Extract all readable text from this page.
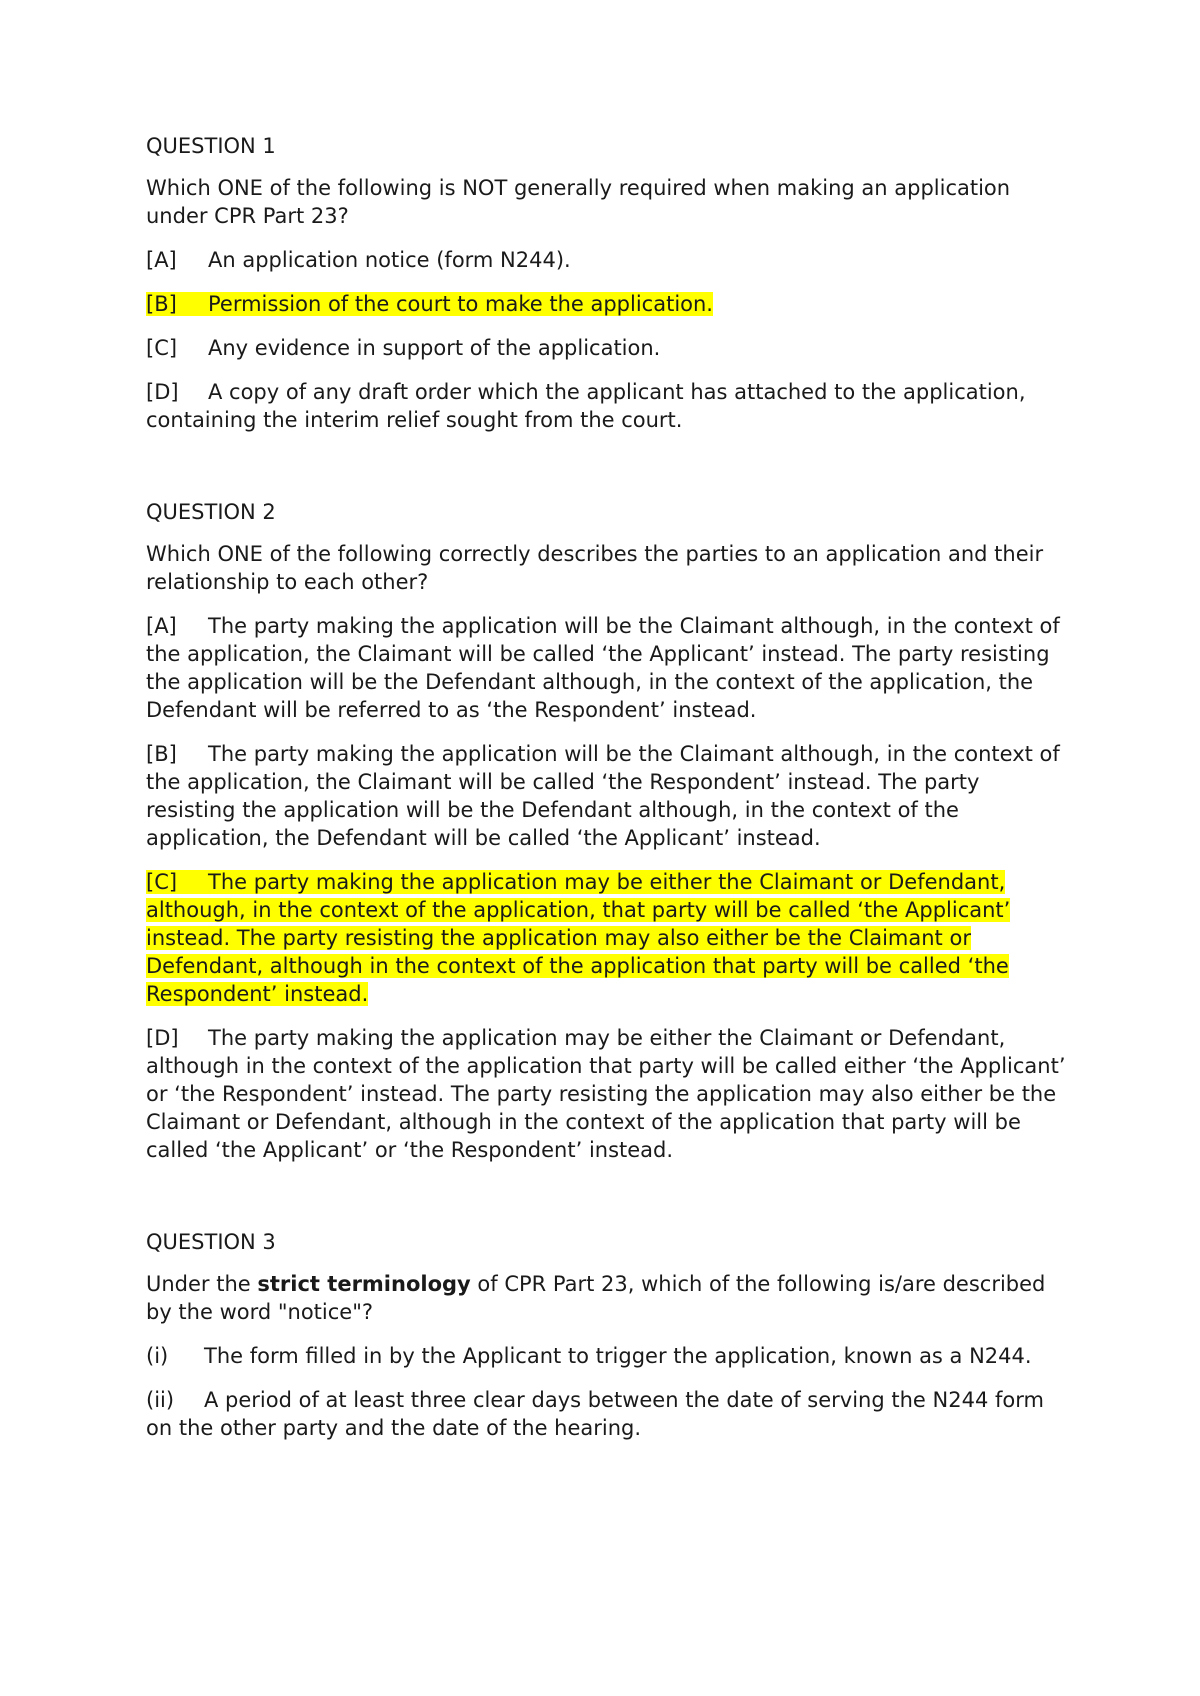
QUESTION 1

Which ONE of the following is NOT generally required when making an application under CPR Part 23?

[A] An application notice (form N244).

[B] Permission of the court to make the application.

[C] Any evidence in support of the application.

[D] A copy of any draft order which the applicant has attached to the application, containing the interim relief sought from the court.

QUESTION 2

Which ONE of the following correctly describes the parties to an application and their relationship to each other?

[A] The party making the application will be the Claimant although, in the context of the application, the Claimant will be called ‘the Applicant’ instead. The party resisting the application will be the Defendant although, in the context of the application, the Defendant will be referred to as ‘the Respondent’ instead.

[B] The party making the application will be the Claimant although, in the context of the application, the Claimant will be called ‘the Respondent’ instead. The party resisting the application will be the Defendant although, in the context of the application, the Defendant will be called ‘the Applicant’ instead.

[C] The party making the application may be either the Claimant or Defendant, although, in the context of the application, that party will be called ‘the Applicant’ instead. The party resisting the application may also either be the Claimant or Defendant, although in the context of the application that party will be called ‘the Respondent’ instead.

[D] The party making the application may be either the Claimant or Defendant, although in the context of the application that party will be called either ‘the Applicant’ or ‘the Respondent’ instead. The party resisting the application may also either be the Claimant or Defendant, although in the context of the application that party will be called ‘the Applicant’ or ‘the Respondent’ instead.

QUESTION 3

Under the strict terminology of CPR Part 23, which of the following is/are described by the word "notice"?

(i) The form filled in by the Applicant to trigger the application, known as a N244.

(ii) A period of at least three clear days between the date of serving the N244 form on the other party and the date of the hearing.
